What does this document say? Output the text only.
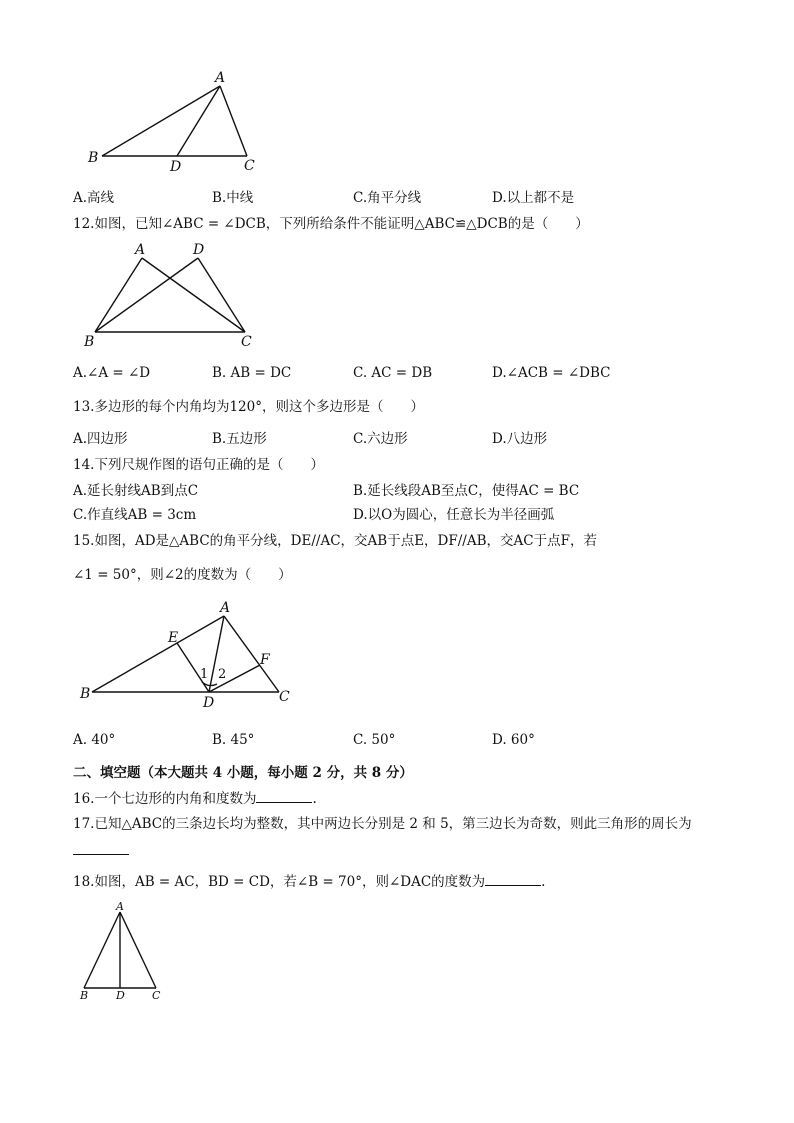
A
B
D	C
A.高线	B.中线	C.角平分线	D.以上都不是
12.如图，已知∠ABC = ∠DCB，下列所给条件不能证明△ABC≌△DCB的是（　　）
A	D
B	C
A.∠A = ∠D	B. AB = DC	C. AC = DB	D.∠ACB = ∠DBC
13.多边形的每个内角均为120°，则这个多边形是（　　）
A.四边形	B.五边形	C.六边形	D.八边形
14.下列尺规作图的语句正确的是（　　）
A.延长射线AB到点C	B.延长线段AB至点C，使得AC = BC
C.作直线AB = 3cm	D.以O为圆心，任意长为半径画弧
15.如图，AD是△ABC的角平分线，DE//AC，交AB于点E，DF//AB，交AC于点F，若
∠1 = 50°，则∠2的度数为（　　）
A
E
F
B
D	C
1 2
A. 40°	B. 45°	C. 50°	D. 60°
二、填空题（本大题共 4 小题，每小题 2 分，共 8 分）
16.一个七边形的内角和度数为	.
17.已知△ABC的三条边长均为整数，其中两边长分别是 2 和 5，第三边长为奇数，则此三角形的周长为
18.如图，AB = AC，BD = CD，若∠B = 70°，则∠DAC的度数为	.
A
B	D C
